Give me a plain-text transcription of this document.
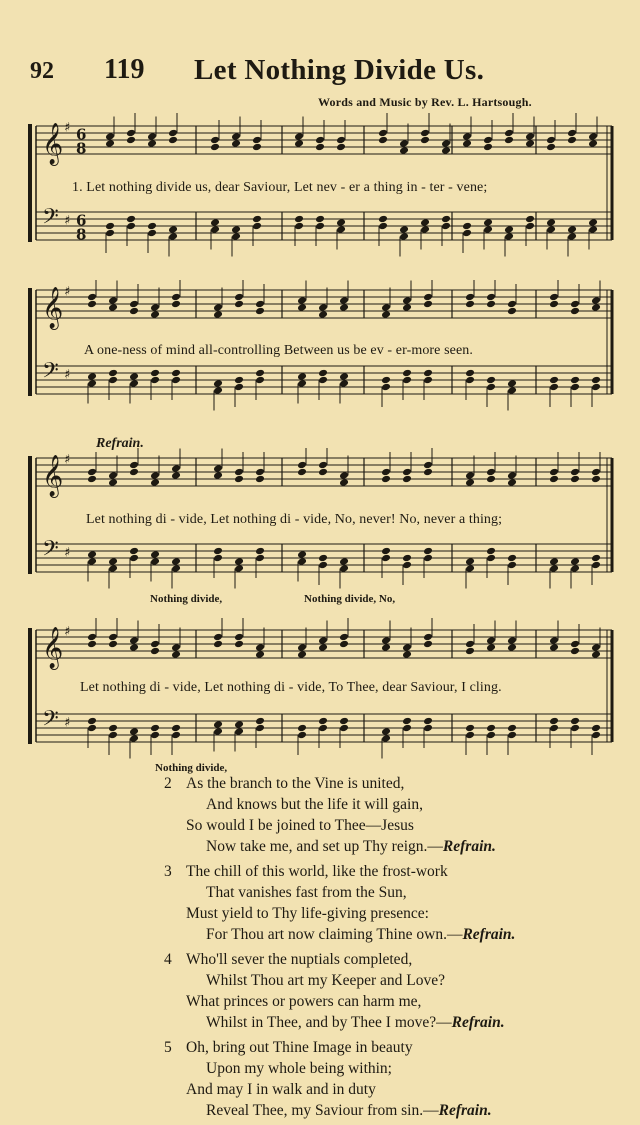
92 119 Let Nothing Divide Us.
Words and Music by Rev. L. Hartsough.
𝄞 ♯ 6
8
𝄢 ♯ 6
8
1. Let nothing divide us, dear Saviour, Let nev - er a thing in - ter - vene;
𝄞 ♯
𝄢 ♯
A one-ness of mind all-controlling Between us be ev - er-more seen.
Refrain.
𝄞 ♯
𝄢 ♯
Let nothing di - vide, Let nothing di - vide, No, never! No, never a thing;
Nothing divide,	Nothing divide, No,
𝄞 ♯
𝄢 ♯
Let nothing di - vide, Let nothing di - vide, To Thee, dear Saviour, I cling.
Nothing divide,
2 As the branch to the Vine is united,
And knows but the life it will gain,
So would I be joined to Thee—Jesus
Now take me, and set up Thy reign.—Refrain.
3 The chill of this world, like the frost-work
That vanishes fast from the Sun,
Must yield to Thy life-giving presence:
For Thou art now claiming Thine own.—Refrain.
4 Who'll sever the nuptials completed,
Whilst Thou art my Keeper and Love?
What princes or powers can harm me,
Whilst in Thee, and by Thee I move?—Refrain.
5 Oh, bring out Thine Image in beauty
Upon my whole being within;
And may I in walk and in duty
Reveal Thee, my Saviour from sin.—Refrain.
